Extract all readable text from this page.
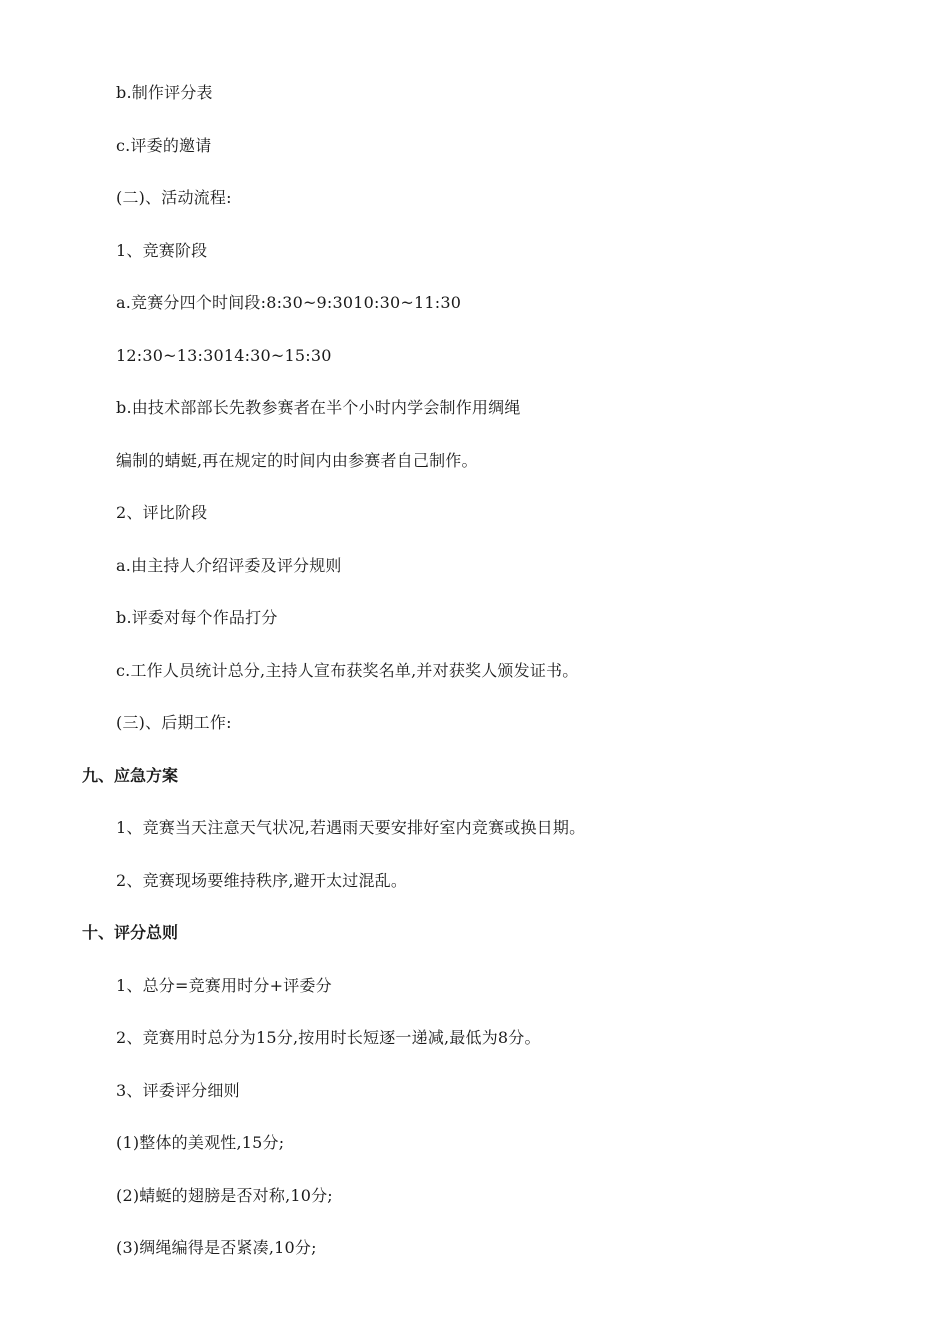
b.制作评分表
c.评委的邀请
(二)、活动流程:
1、竞赛阶段
a.竞赛分四个时间段:8:30~9:3010:30~11:30
12:30~13:3014:30~15:30
b.由技术部部长先教参赛者在半个小时内学会制作用绸绳
编制的蜻蜓,再在规定的时间内由参赛者自己制作。
2、评比阶段
a.由主持人介绍评委及评分规则
b.评委对每个作品打分
c.工作人员统计总分,主持人宣布获奖名单,并对获奖人颁发证书。
(三)、后期工作:
九、应急方案
1、竞赛当天注意天气状况,若遇雨天要安排好室内竞赛或换日期。
2、竞赛现场要维持秩序,避开太过混乱。
十、评分总则
1、总分=竞赛用时分+评委分
2、竞赛用时总分为15分,按用时长短逐一递减,最低为8分。
3、评委评分细则
(1)整体的美观性,15分;
(2)蜻蜓的翅膀是否对称,10分;
(3)绸绳编得是否紧凑,10分;
